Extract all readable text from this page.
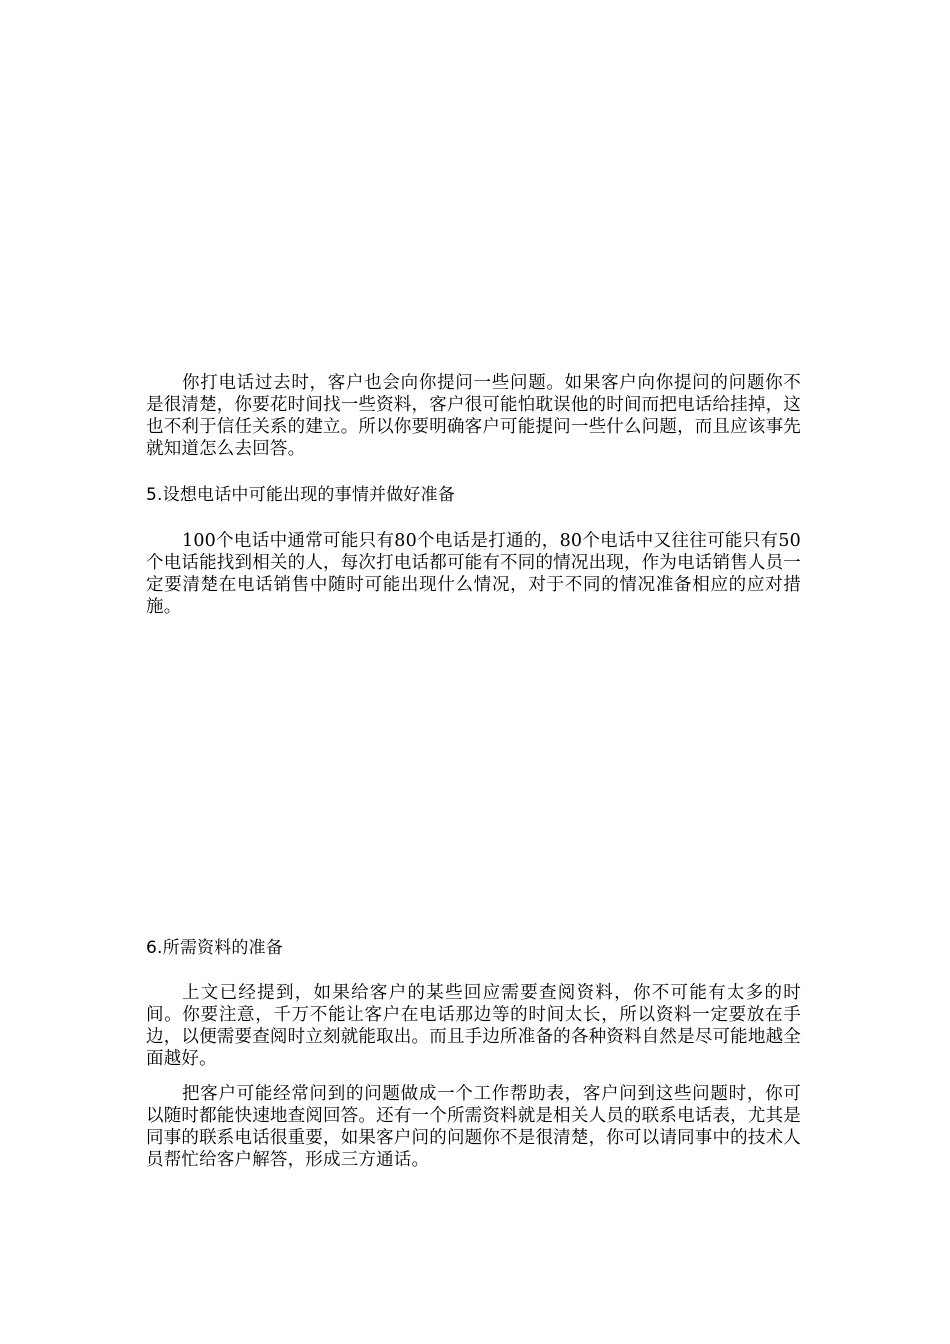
你打电话过去时，客户也会向你提问一些问题。如果客户向你提问的问题你不是很清楚，你要花时间找一些资料，客户很可能怕耽误他的时间而把电话给挂掉，这也不利于信任关系的建立。所以你要明确客户可能提问一些什么问题，而且应该事先就知道怎么去回答。
5.设想电话中可能出现的事情并做好准备
100个电话中通常可能只有80个电话是打通的，80个电话中又往往可能只有50个电话能找到相关的人，每次打电话都可能有不同的情况出现，作为电话销售人员一定要清楚在电话销售中随时可能出现什么情况，对于不同的情况准备相应的应对措施。
6.所需资料的准备
上文已经提到，如果给客户的某些回应需要查阅资料，你不可能有太多的时间。你要注意，千万不能让客户在电话那边等的时间太长，所以资料一定要放在手边，以便需要查阅时立刻就能取出。而且手边所准备的各种资料自然是尽可能地越全面越好。
把客户可能经常问到的问题做成一个工作帮助表，客户问到这些问题时，你可以随时都能快速地查阅回答。还有一个所需资料就是相关人员的联系电话表，尤其是同事的联系电话很重要，如果客户问的问题你不是很清楚，你可以请同事中的技术人员帮忙给客户解答，形成三方通话。
